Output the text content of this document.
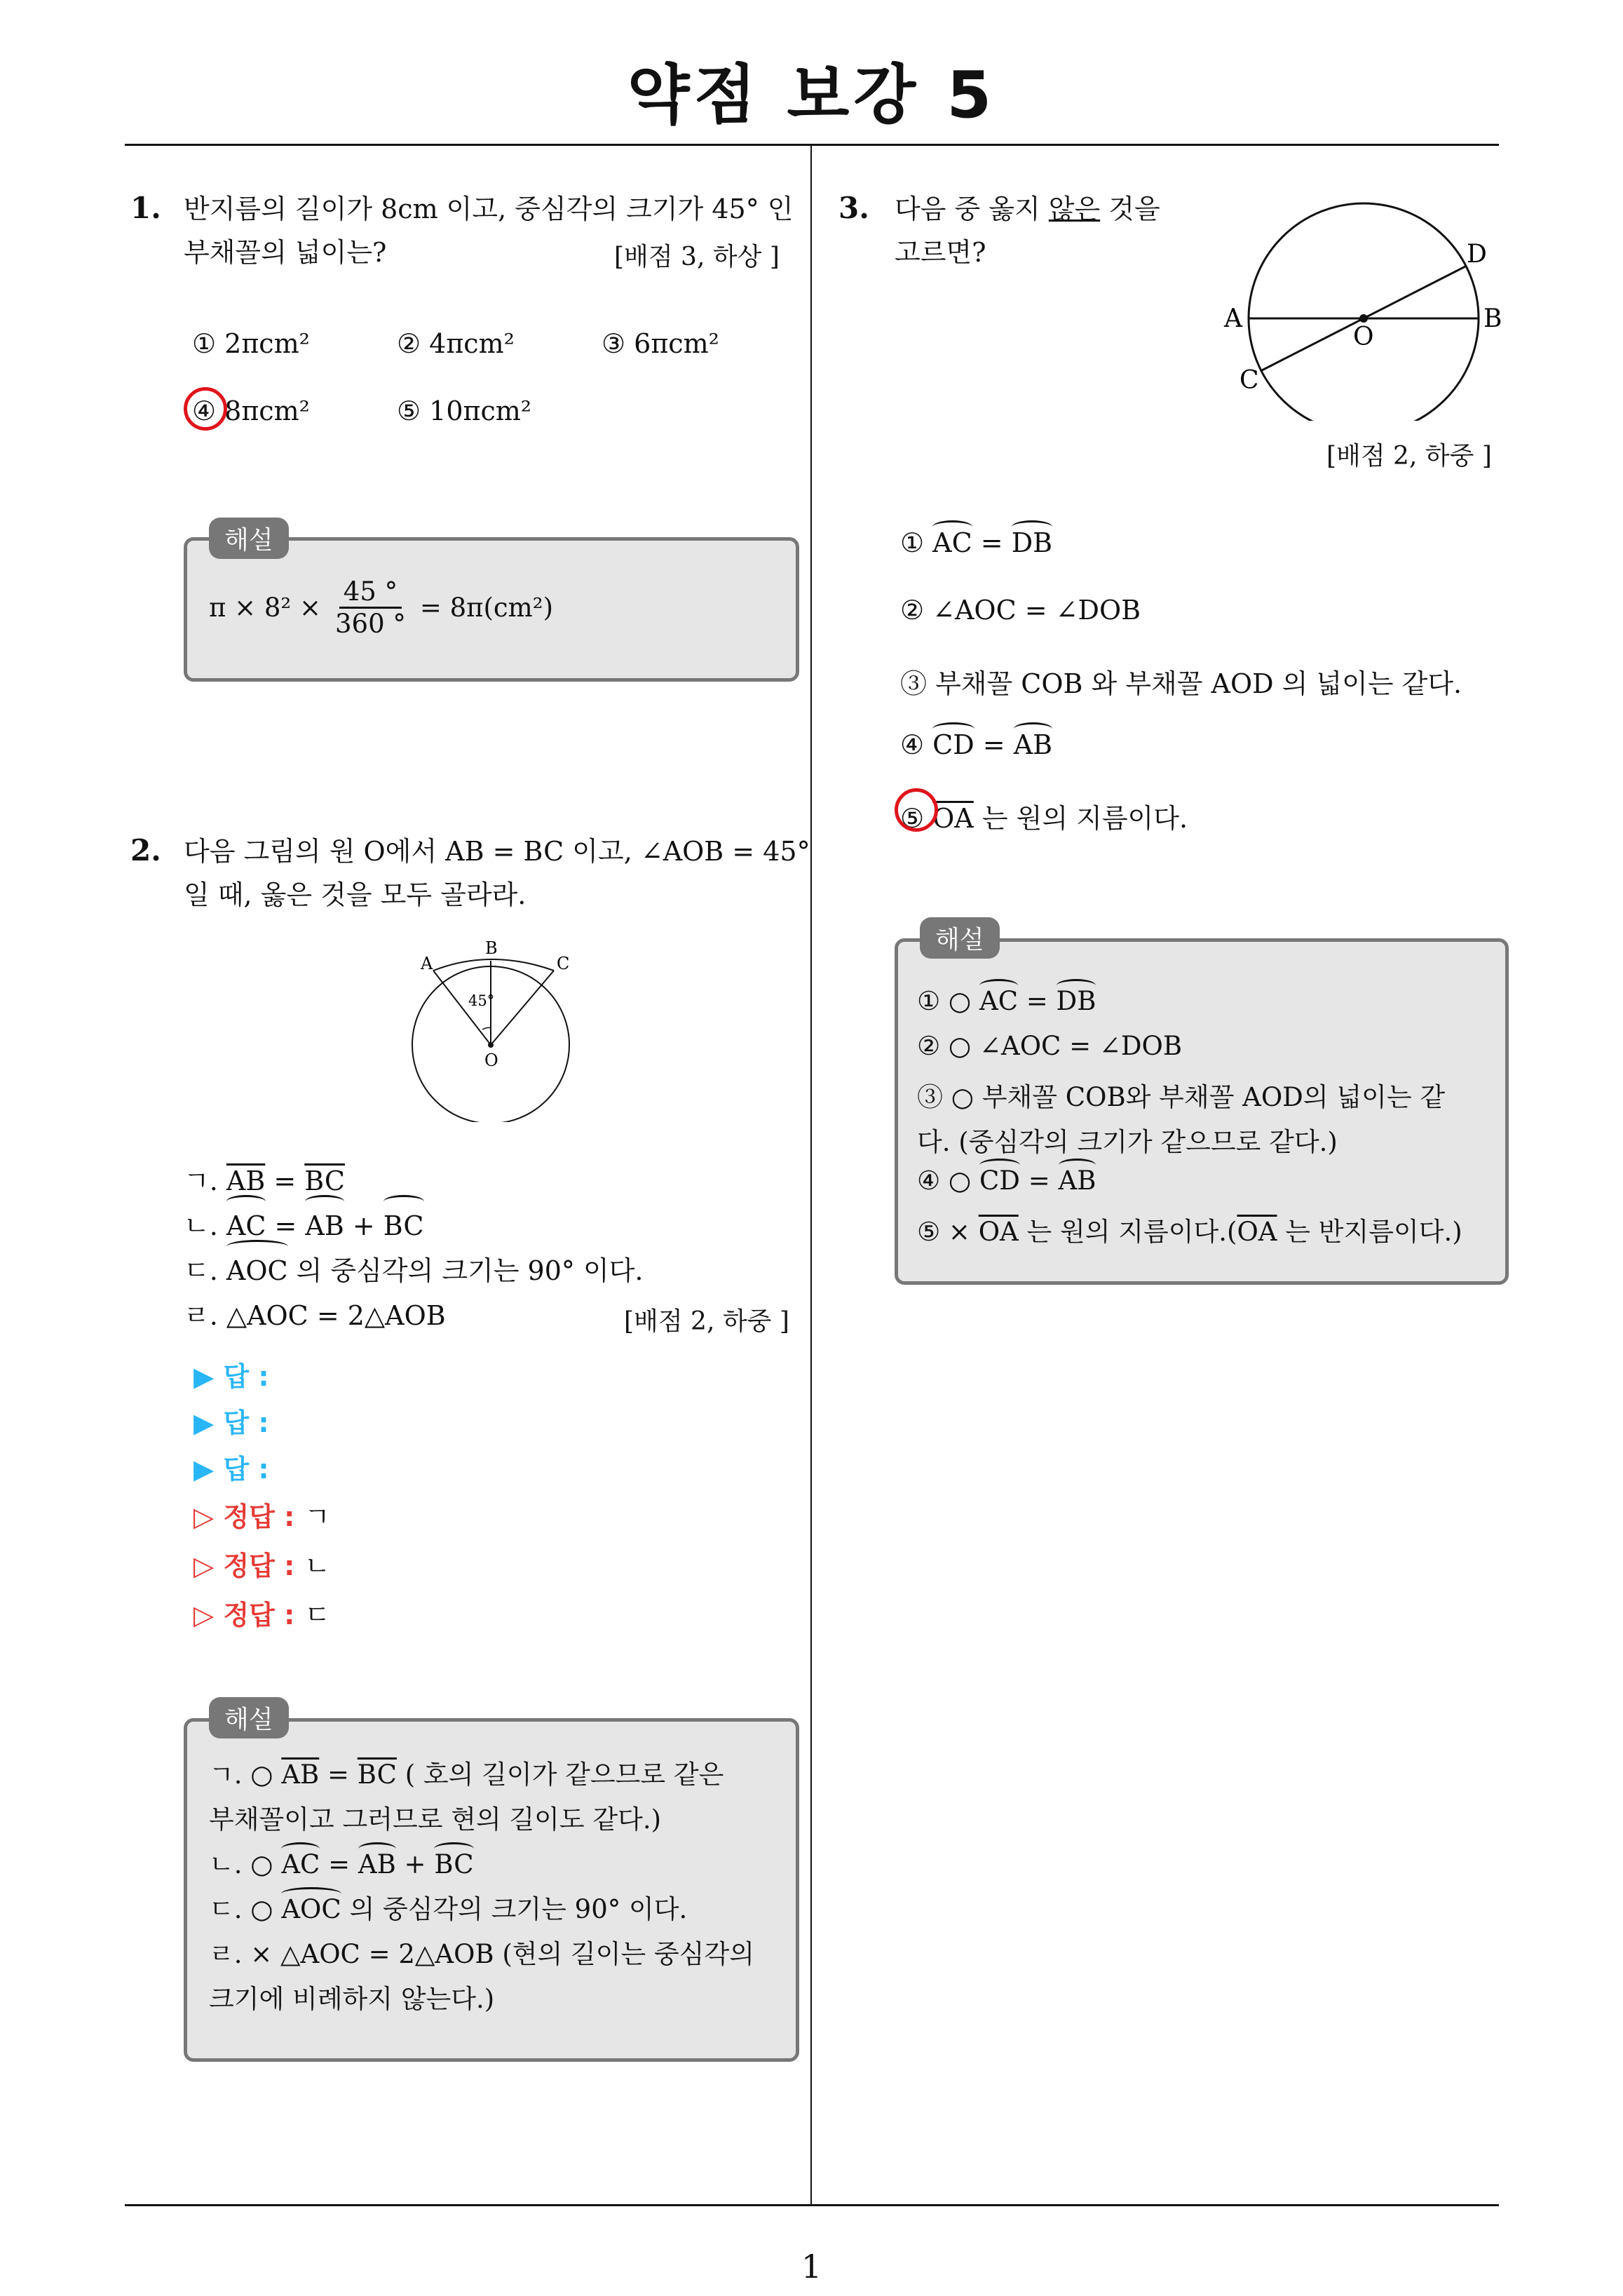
약점 보강 5
1
1. 반지름의 길이가 8cm 이고, 중심각의 크기가 45° 인
부채꼴의 넓이는?	[배점 3, 하상 ]
① 2πcm²	② 4πcm²	③ 6πcm²
④ 8πcm²	⑤ 10πcm²
해설
$\pi \times 8^2 \times \frac{45 ^\circ}{360 ^\circ} = 8\pi(cm^2)$
2. 다음 그림의 원 O에서 AB = BC 이고, ∠AOB = 45°
일 때, 옳은 것을 모두 골라라.
A
B
C
O
45°
ㄱ. $\overline{AB} = \overline{BC}$
ㄴ. AC = AB + BC
ㄷ. AOC 의 중심각의 크기는 90° 이다.
ㄹ. △AOC = 2△AOB	[배점 2, 하중 ]
▶ 답 :
▶ 답 :
▶ 답 :
▷ 정답 : ㄱ
▷ 정답 : ㄴ
▷ 정답 : ㄷ
해설
ㄱ. ○ $\overline{AB} = \overline{BC}$ ( 호의 길이가 같으므로 같은
부채꼴이고 그러므로 현의 길이도 같다.)
ㄴ. ○ AC = AB + BC
ㄷ. ○ AOC 의 중심각의 크기는 90° 이다.
ㄹ. × △AOC = 2△AOB (현의 길이는 중심각의
크기에 비례하지 않는다.)
3. 다음 중 옳지 않은 것을
고르면?
A	B
C
D
O
[배점 2, 하중 ]
① AC = DB
② ∠AOC = ∠DOB
③ 부채꼴 COB 와 부채꼴 AOD 의 넓이는 같다.
④ CD = AB
⑤ $\overline{OA}$ 는 원의 지름이다.
해설
① ○ AC = DB
② ○ ∠AOC = ∠DOB
③ ○ 부채꼴 COB와 부채꼴 AOD의 넓이는 같
다. (중심각의 크기가 같으므로 같다.)
④ ○ CD = AB
⑤ × $\overline{OA}$ 는 원의 지름이다$.(\overline{OA}$ 는 반지름이다.)
